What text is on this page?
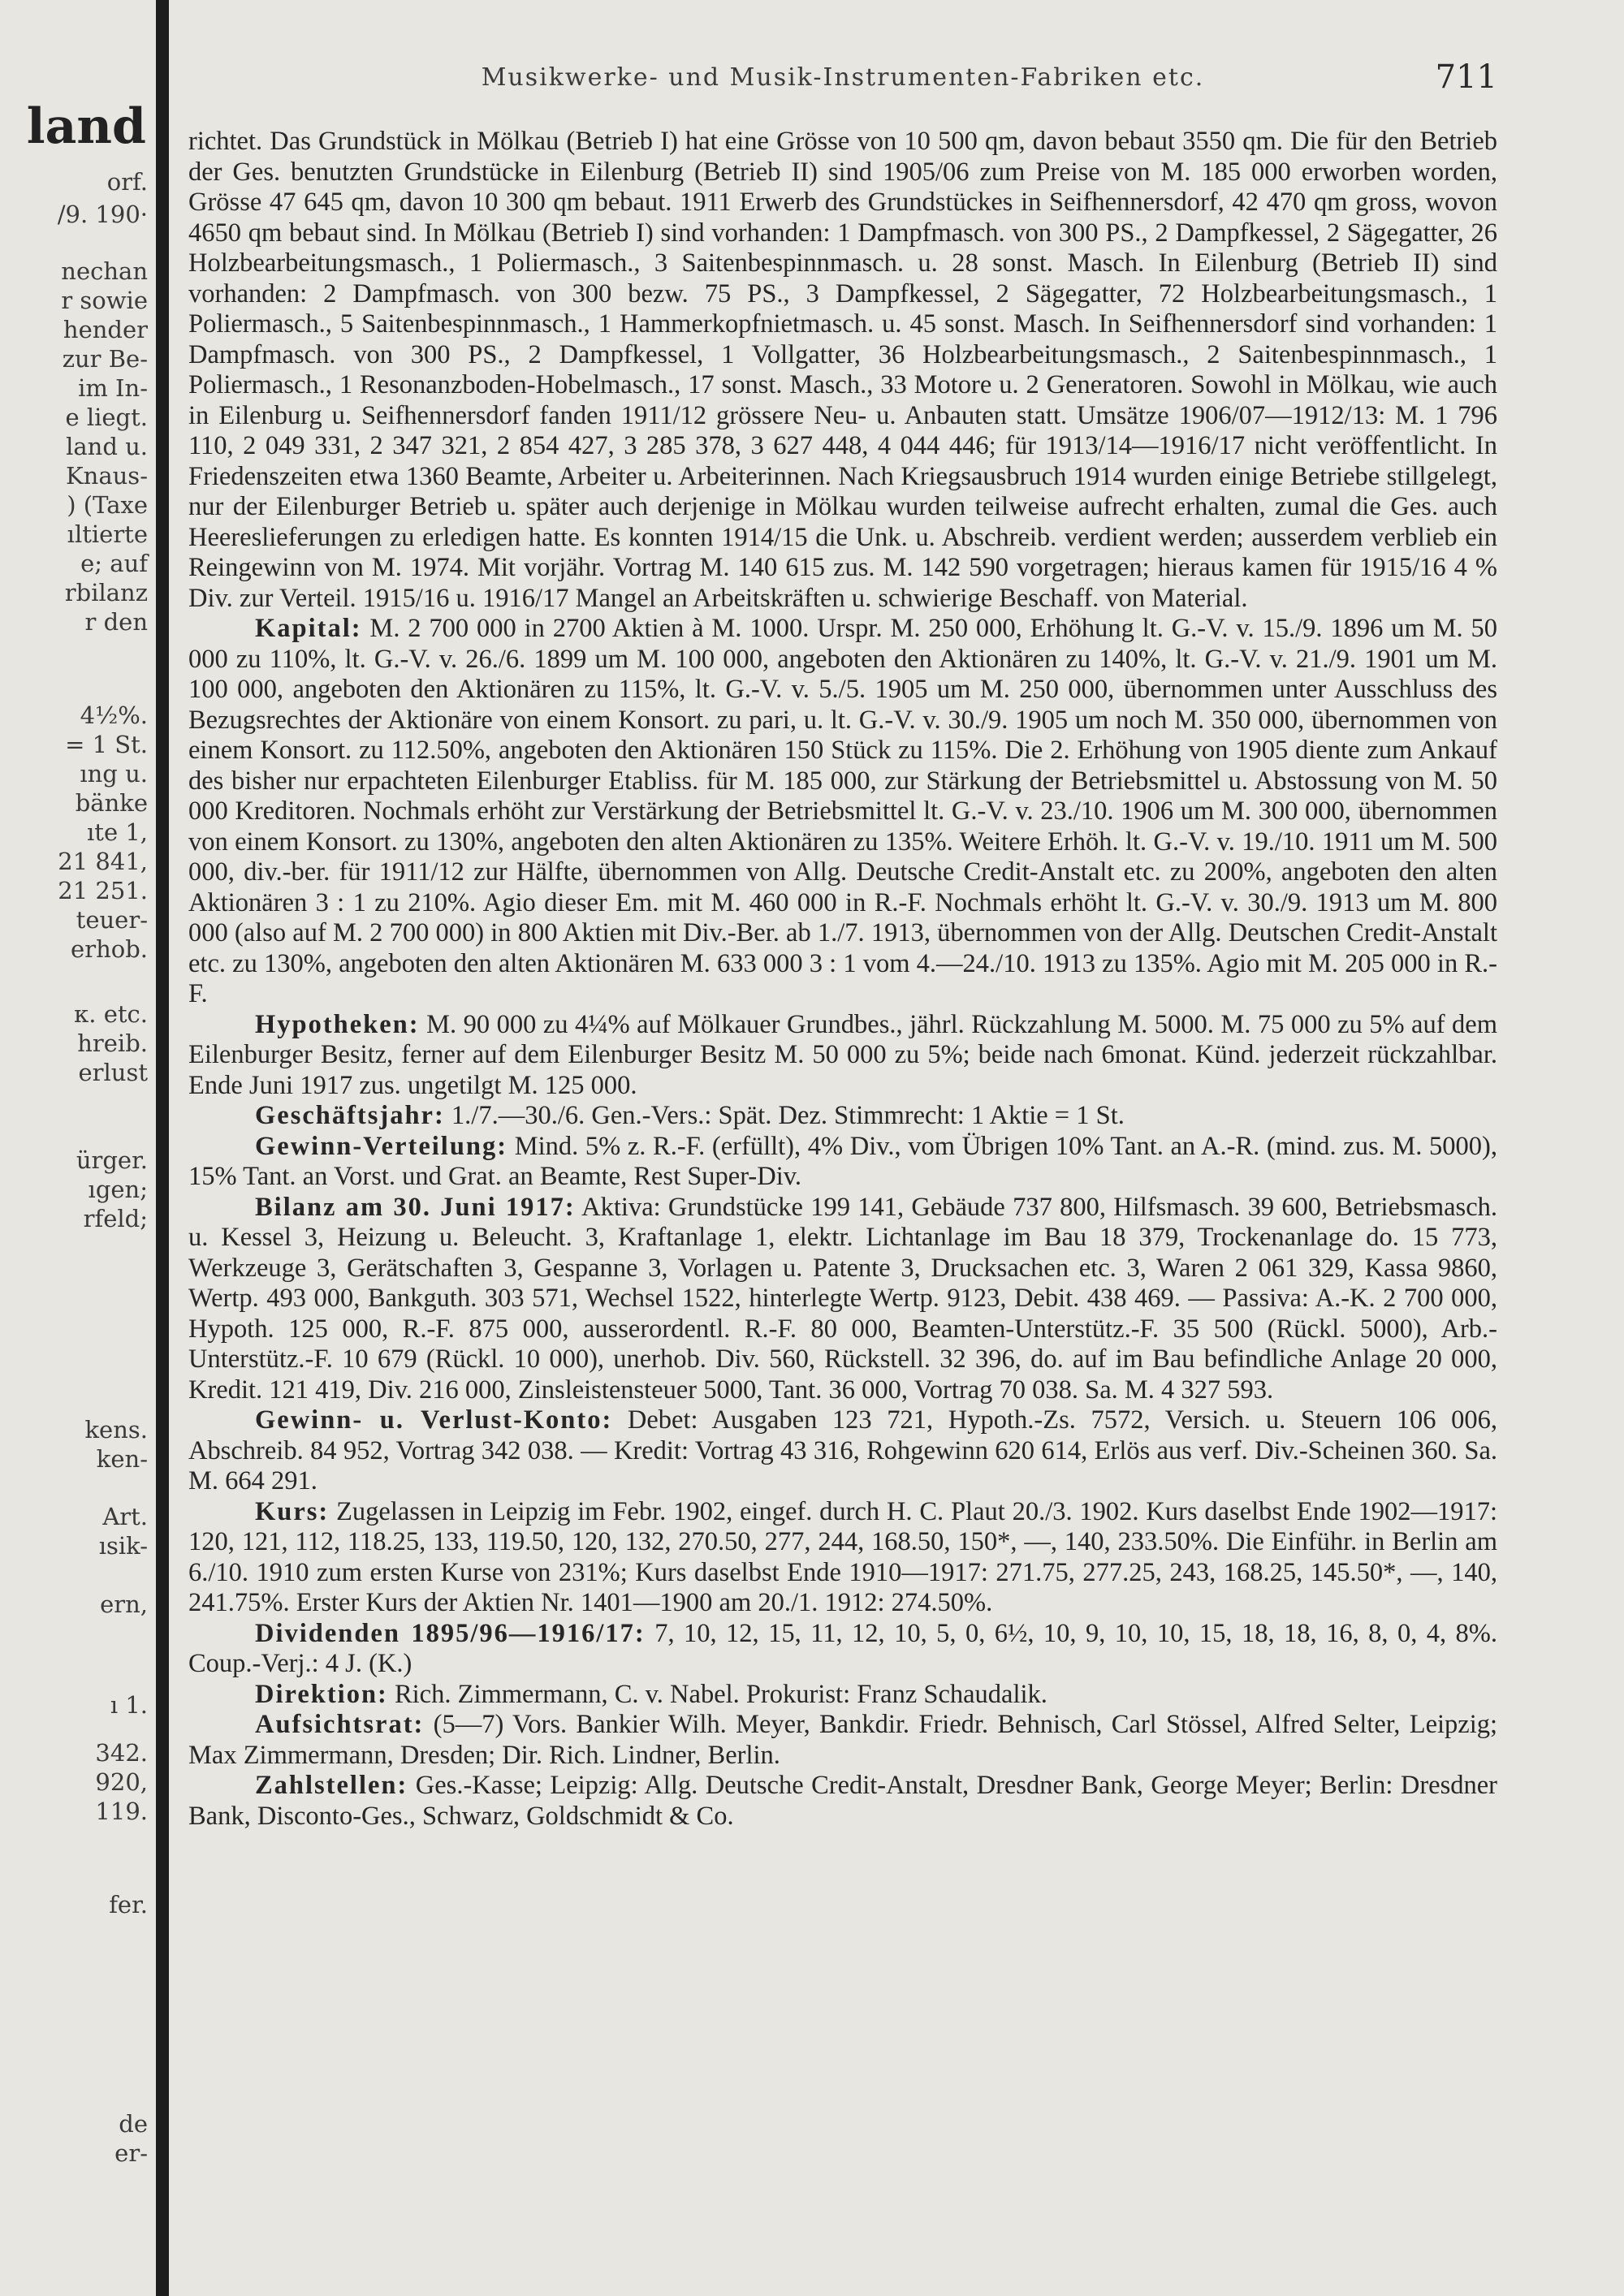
land
orf.
/9. 190·
nechan
r sowie
hender
zur Be-
im In-
e liegt.
land u.
Knaus-
) (Taxe
ıltierte
e; auf
rbilanz
r den
4½%.
= 1 St.
ıng u.
bänke
ıte 1,
21 841,
21 251.
teuer-
erhob.
κ. etc.
hreib.
erlust
ürger.
ıgen;
rfeld;
kens.
ken-
Art.
ısik-
ern,
ı 1.
342.
920,
119.
fer.
de
er-
Musikwerke- und Musik-Instrumenten-Fabriken etc.	711

richtet. Das Grundstück in Mölkau (Betrieb I) hat eine Grösse von 10 500 qm, davon bebaut 3550 qm. Die für den Betrieb der Ges. benutzten Grundstücke in Eilenburg (Betrieb II) sind 1905/06 zum Preise von M. 185 000 erworben worden, Grösse 47 645 qm, davon 10 300 qm bebaut. 1911 Erwerb des Grundstückes in Seifhennersdorf, 42 470 qm gross, wovon 4650 qm bebaut sind. In Mölkau (Betrieb I) sind vorhanden: 1 Dampfmasch. von 300 PS., 2 Dampfkessel, 2 Sägegatter, 26 Holzbearbeitungsmasch., 1 Poliermasch., 3 Saitenbespinnmasch. u. 28 sonst. Masch. In Eilenburg (Betrieb II) sind vorhanden: 2 Dampfmasch. von 300 bezw. 75 PS., 3 Dampfkessel, 2 Sägegatter, 72 Holzbearbeitungsmasch., 1 Poliermasch., 5 Saitenbespinnmasch., 1 Hammerkopfnietmasch. u. 45 sonst. Masch. In Seifhennersdorf sind vorhanden: 1 Dampfmasch. von 300 PS., 2 Dampfkessel, 1 Vollgatter, 36 Holzbearbeitungsmasch., 2 Saitenbespinnmasch., 1 Poliermasch., 1 Resonanzboden-Hobelmasch., 17 sonst. Masch., 33 Motore u. 2 Generatoren. Sowohl in Mölkau, wie auch in Eilenburg u. Seifhennersdorf fanden 1911/12 grössere Neu- u. Anbauten statt. Umsätze 1906/07—1912/13: M. 1 796 110, 2 049 331, 2 347 321, 2 854 427, 3 285 378, 3 627 448, 4 044 446; für 1913/14—1916/17 nicht veröffentlicht. In Friedenszeiten etwa 1360 Beamte, Arbeiter u. Arbeiterinnen. Nach Kriegsausbruch 1914 wurden einige Betriebe stillgelegt, nur der Eilenburger Betrieb u. später auch derjenige in Mölkau wurden teilweise aufrecht erhalten, zumal die Ges. auch Heereslieferungen zu erledigen hatte. Es konnten 1914/15 die Unk. u. Abschreib. verdient werden; ausserdem verblieb ein Reingewinn von M. 1974. Mit vorjähr. Vortrag M. 140 615 zus. M. 142 590 vorgetragen; hieraus kamen für 1915/16 4 % Div. zur Verteil. 1915/16 u. 1916/17 Mangel an Arbeitskräften u. schwierige Beschaff. von Material.

Kapital: M. 2 700 000 in 2700 Aktien à M. 1000. Urspr. M. 250 000, Erhöhung lt. G.-V. v. 15./9. 1896 um M. 50 000 zu 110%, lt. G.-V. v. 26./6. 1899 um M. 100 000, angeboten den Aktionären zu 140%, lt. G.-V. v. 21./9. 1901 um M. 100 000, angeboten den Aktionären zu 115%, lt. G.-V. v. 5./5. 1905 um M. 250 000, übernommen unter Ausschluss des Bezugsrechtes der Aktionäre von einem Konsort. zu pari, u. lt. G.-V. v. 30./9. 1905 um noch M. 350 000, übernommen von einem Konsort. zu 112.50%, angeboten den Aktionären 150 Stück zu 115%. Die 2. Erhöhung von 1905 diente zum Ankauf des bisher nur erpachteten Eilenburger Etabliss. für M. 185 000, zur Stärkung der Betriebsmittel u. Abstossung von M. 50 000 Kreditoren. Nochmals erhöht zur Verstärkung der Betriebsmittel lt. G.-V. v. 23./10. 1906 um M. 300 000, übernommen von einem Konsort. zu 130%, angeboten den alten Aktionären zu 135%. Weitere Erhöh. lt. G.-V. v. 19./10. 1911 um M. 500 000, div.-ber. für 1911/12 zur Hälfte, übernommen von Allg. Deutsche Credit-Anstalt etc. zu 200%, angeboten den alten Aktionären 3 : 1 zu 210%. Agio dieser Em. mit M. 460 000 in R.-F. Nochmals erhöht lt. G.-V. v. 30./9. 1913 um M. 800 000 (also auf M. 2 700 000) in 800 Aktien mit Div.-Ber. ab 1./7. 1913, übernommen von der Allg. Deutschen Credit-Anstalt etc. zu 130%, angeboten den alten Aktionären M. 633 000 3 : 1 vom 4.—24./10. 1913 zu 135%. Agio mit M. 205 000 in R.-F.

Hypotheken: M. 90 000 zu 4¼% auf Mölkauer Grundbes., jährl. Rückzahlung M. 5000. M. 75 000 zu 5% auf dem Eilenburger Besitz, ferner auf dem Eilenburger Besitz M. 50 000 zu 5%; beide nach 6monat. Künd. jederzeit rückzahlbar. Ende Juni 1917 zus. ungetilgt M. 125 000.

Geschäftsjahr: 1./7.—30./6. Gen.-Vers.: Spät. Dez. Stimmrecht: 1 Aktie = 1 St.

Gewinn-Verteilung: Mind. 5% z. R.-F. (erfüllt), 4% Div., vom Übrigen 10% Tant. an A.-R. (mind. zus. M. 5000), 15% Tant. an Vorst. und Grat. an Beamte, Rest Super-Div.

Bilanz am 30. Juni 1917: Aktiva: Grundstücke 199 141, Gebäude 737 800, Hilfsmasch. 39 600, Betriebsmasch. u. Kessel 3, Heizung u. Beleucht. 3, Kraftanlage 1, elektr. Lichtanlage im Bau 18 379, Trockenanlage do. 15 773, Werkzeuge 3, Gerätschaften 3, Gespanne 3, Vorlagen u. Patente 3, Drucksachen etc. 3, Waren 2 061 329, Kassa 9860, Wertp. 493 000, Bankguth. 303 571, Wechsel 1522, hinterlegte Wertp. 9123, Debit. 438 469. — Passiva: A.-K. 2 700 000, Hypoth. 125 000, R.-F. 875 000, ausserordentl. R.-F. 80 000, Beamten-Unterstütz.-F. 35 500 (Rückl. 5000), Arb.-Unterstütz.-F. 10 679 (Rückl. 10 000), unerhob. Div. 560, Rückstell. 32 396, do. auf im Bau befindliche Anlage 20 000, Kredit. 121 419, Div. 216 000, Zinsleistensteuer 5000, Tant. 36 000, Vortrag 70 038. Sa. M. 4 327 593.

Gewinn- u. Verlust-Konto: Debet: Ausgaben 123 721, Hypoth.-Zs. 7572, Versich. u. Steuern 106 006, Abschreib. 84 952, Vortrag 342 038. — Kredit: Vortrag 43 316, Rohgewinn 620 614, Erlös aus verf. Div.-Scheinen 360. Sa. M. 664 291.

Kurs: Zugelassen in Leipzig im Febr. 1902, eingef. durch H. C. Plaut 20./3. 1902. Kurs daselbst Ende 1902—1917: 120, 121, 112, 118.25, 133, 119.50, 120, 132, 270.50, 277, 244, 168.50, 150*, —, 140, 233.50%. Die Einführ. in Berlin am 6./10. 1910 zum ersten Kurse von 231%; Kurs daselbst Ende 1910—1917: 271.75, 277.25, 243, 168.25, 145.50*, —, 140, 241.75%. Erster Kurs der Aktien Nr. 1401—1900 am 20./1. 1912: 274.50%.

Dividenden 1895/96—1916/17: 7, 10, 12, 15, 11, 12, 10, 5, 0, 6½, 10, 9, 10, 10, 15, 18, 18, 16, 8, 0, 4, 8%. Coup.-Verj.: 4 J. (K.)

Direktion: Rich. Zimmermann, C. v. Nabel. Prokurist: Franz Schaudalik.

Aufsichtsrat: (5—7) Vors. Bankier Wilh. Meyer, Bankdir. Friedr. Behnisch, Carl Stössel, Alfred Selter, Leipzig; Max Zimmermann, Dresden; Dir. Rich. Lindner, Berlin.

Zahlstellen: Ges.-Kasse; Leipzig: Allg. Deutsche Credit-Anstalt, Dresdner Bank, George Meyer; Berlin: Dresdner Bank, Disconto-Ges., Schwarz, Goldschmidt & Co.
